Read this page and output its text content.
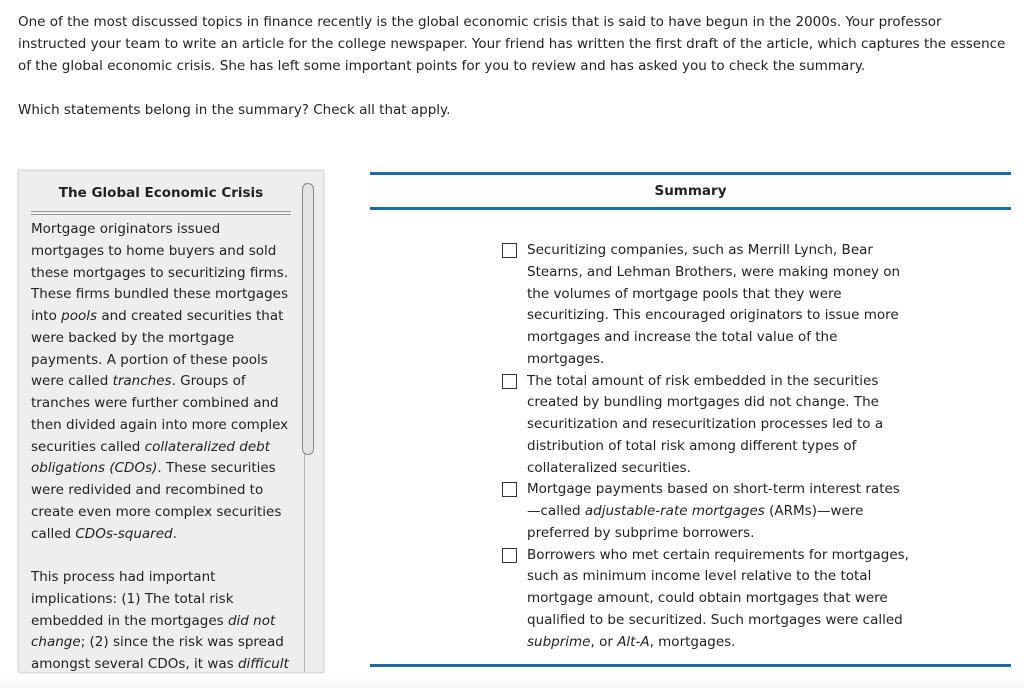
One of the most discussed topics in finance recently is the global economic crisis that is said to have begun in the 2000s. Your professor instructed your team to write an article for the college newspaper. Your friend has written the first draft of the article, which captures the essence of the global economic crisis. She has left some important points for you to review and has asked you to check the summary.
Which statements belong in the summary? Check all that apply.
The Global Economic Crisis

Mortgage originators issued mortgages to home buyers and sold these mortgages to securitizing firms. These firms bundled these mortgages into pools and created securities that were backed by the mortgage payments. A portion of these pools were called tranches. Groups of tranches were further combined and then divided again into more complex securities called collateralized debt obligations (CDOs). These securities were redivided and recombined to create even more complex securities called CDOs-squared.

This process had important implications: (1) The total risk embedded in the mortgages did not change; (2) since the risk was spread amongst several CDOs, it was difficult

Summary
Securitizing companies, such as Merrill Lynch, Bear Stearns, and Lehman Brothers, were making money on the volumes of mortgage pools that they were securitizing. This encouraged originators to issue more mortgages and increase the total value of the mortgages.
The total amount of risk embedded in the securities created by bundling mortgages did not change. The securitization and resecuritization processes led to a distribution of total risk among different types of collateralized securities.
Mortgage payments based on short-term interest rates—called adjustable-rate mortgages (ARMs)—were preferred by subprime borrowers.
Borrowers who met certain requirements for mortgages, such as minimum income level relative to the total mortgage amount, could obtain mortgages that were qualified to be securitized. Such mortgages were called subprime, or Alt-A, mortgages.
